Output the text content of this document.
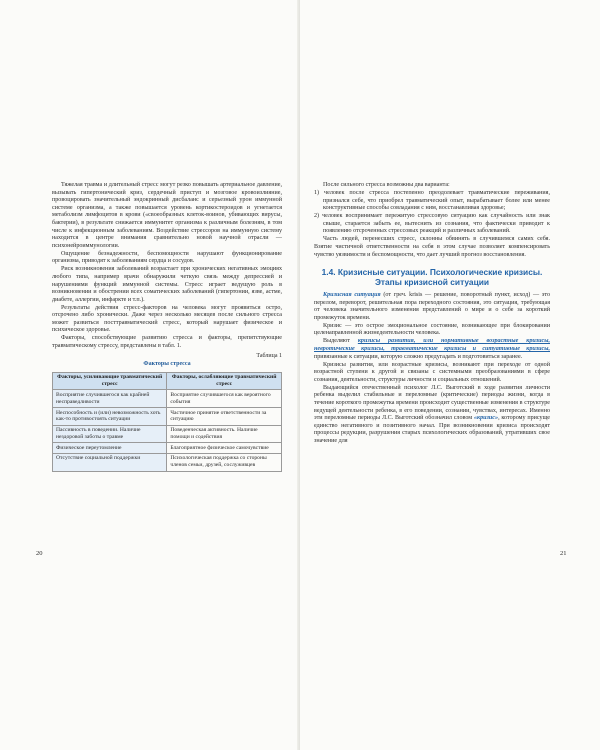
Тяжелая травма и длительный стресс могут резко повышать артериальное давление, вызывать гипертонический криз, сердечный приступ и мозговое кровоизлияние, провоцировать значительный эндокринный дисбаланс и серьезный урон иммунной системе организма, а также повышается уровень кортикостероидов и угнетается метаболизм лимфоцитов в крови («своеобразных клеток-воинов, убивающих вирусы, бактерии), в результате снижается иммунитет организма к различным болезням, в том числе к инфекционным заболеваниям. Воздействие стрессоров на иммунную систему находится в центре внимания сравнительно новой научной отрасли — психонейроиммунологии.

Ощущение безнадежности, беспомощности нарушают функционирование организма, приводят к заболеваниям сердца и сосудов.

Риск возникновения заболеваний возрастает при хронических негативных эмоциях любого типа, например врачи обнаружили четкую связь между депрессией и нарушениями функций иммунной системы. Стресс играет ведущую роль в возникновении и обострении всех соматических заболеваний (гипертонии, язве, астме, диабете, аллергии, инфаркте и т.п.).

Результаты действия стресс-факторов на человека могут проявиться остро, отсрочено либо хронически. Даже через несколько месяцев после сильного стресса может развиться посттравматический стресс, который нарушает физическое и психическое здоровье.

Факторы, способствующие развитию стресса и факторы, препятствующие травматическому стрессу, представлены в табл. 1.

Таблица 1
Факторы стресса
Факторы, усиливающие травматический стресс	Факторы, ослабляющие травматический стресс
Восприятие случившегося как крайней несправедливости	Восприятие случившегося как вероятного события
Неспособность и (или) невозможность хоть как-то противостоять ситуации	Частичное принятие ответственности за ситуацию
Пассивность в поведении. Наличие нездоровой заботы о травме	Поведенческая активность. Наличие помощи и содействия
Физическое переутомление	Благоприятное физическое самочувствие
Отсутствие социальной поддержки	Психологическая поддержка со стороны членов семьи, друзей, сослуживцев
20

После сильного стресса возможны два варианта:

1) человек после стресса постепенно преодолевает травматические переживания, признался себе, что приобрел травматический опыт, вырабатывает более или менее конструктивные способы совладания с ним, восстанавливая здоровье;
2) человек воспринимает пережитую стрессовую ситуацию как случайность или знак свыше, старается забыть ее, вытеснить из сознания, что фактически приводит к появлению отсроченных стрессовых реакций и различных заболеваний.

Часть людей, перенесших стресс, склонны обвинять в случившемся самих себя. Взятие чистичной ответственности на себя в этом случае позволяет компенсировать чувство уязвимости и беспомощности, что дает лучший прогноз восстановления.

1.4. Кризисные ситуации. Психологические кризисы. Этапы кризисной ситуации

Кризисная ситуация (от греч. krisis — решение, поворотный пункт, исход) — это перелом, переворот, решительная пора переходного состояния, это ситуация, требующая от человека значительного изменения представлений о мире и о себе за короткий промежуток времени.

Кризис — это острое эмоциональное состояние, возникающее при блокировании целенаправленной жизнедеятельности человека.

Выделяют кризисы развития, или нормативные возрастные кризисы, невротические кризисы, травматические кризисы и ситуативные кризисы, привязанные к ситуации, которую сложно предугадать и подготовиться заранее.

Кризисы развития, или возрастные кризисы, возникают при переходе от одной возрастной ступени к другой и связаны с системными преобразованиями в сфере сознания, деятельности, структуры личности и социальных отношений.

Выдающийся отечественный психолог Л.С. Выготский в ходе развития личности ребенка выделил стабильные и переломные (критические) периоды жизни, когда в течение короткого промежутка времени происходит существенные изменения в структуре ведущей деятельности ребенка, в его поведении, сознании, чувствах, интересах. Именно эти переломные периоды Л.С. Выготский обозначил словом «кризис», которому присуще единство негативного и позитивного начал. При возникновении кризиса происходят процессы редукции, разрушения старых психологических образований, утративших свое значение для

21
